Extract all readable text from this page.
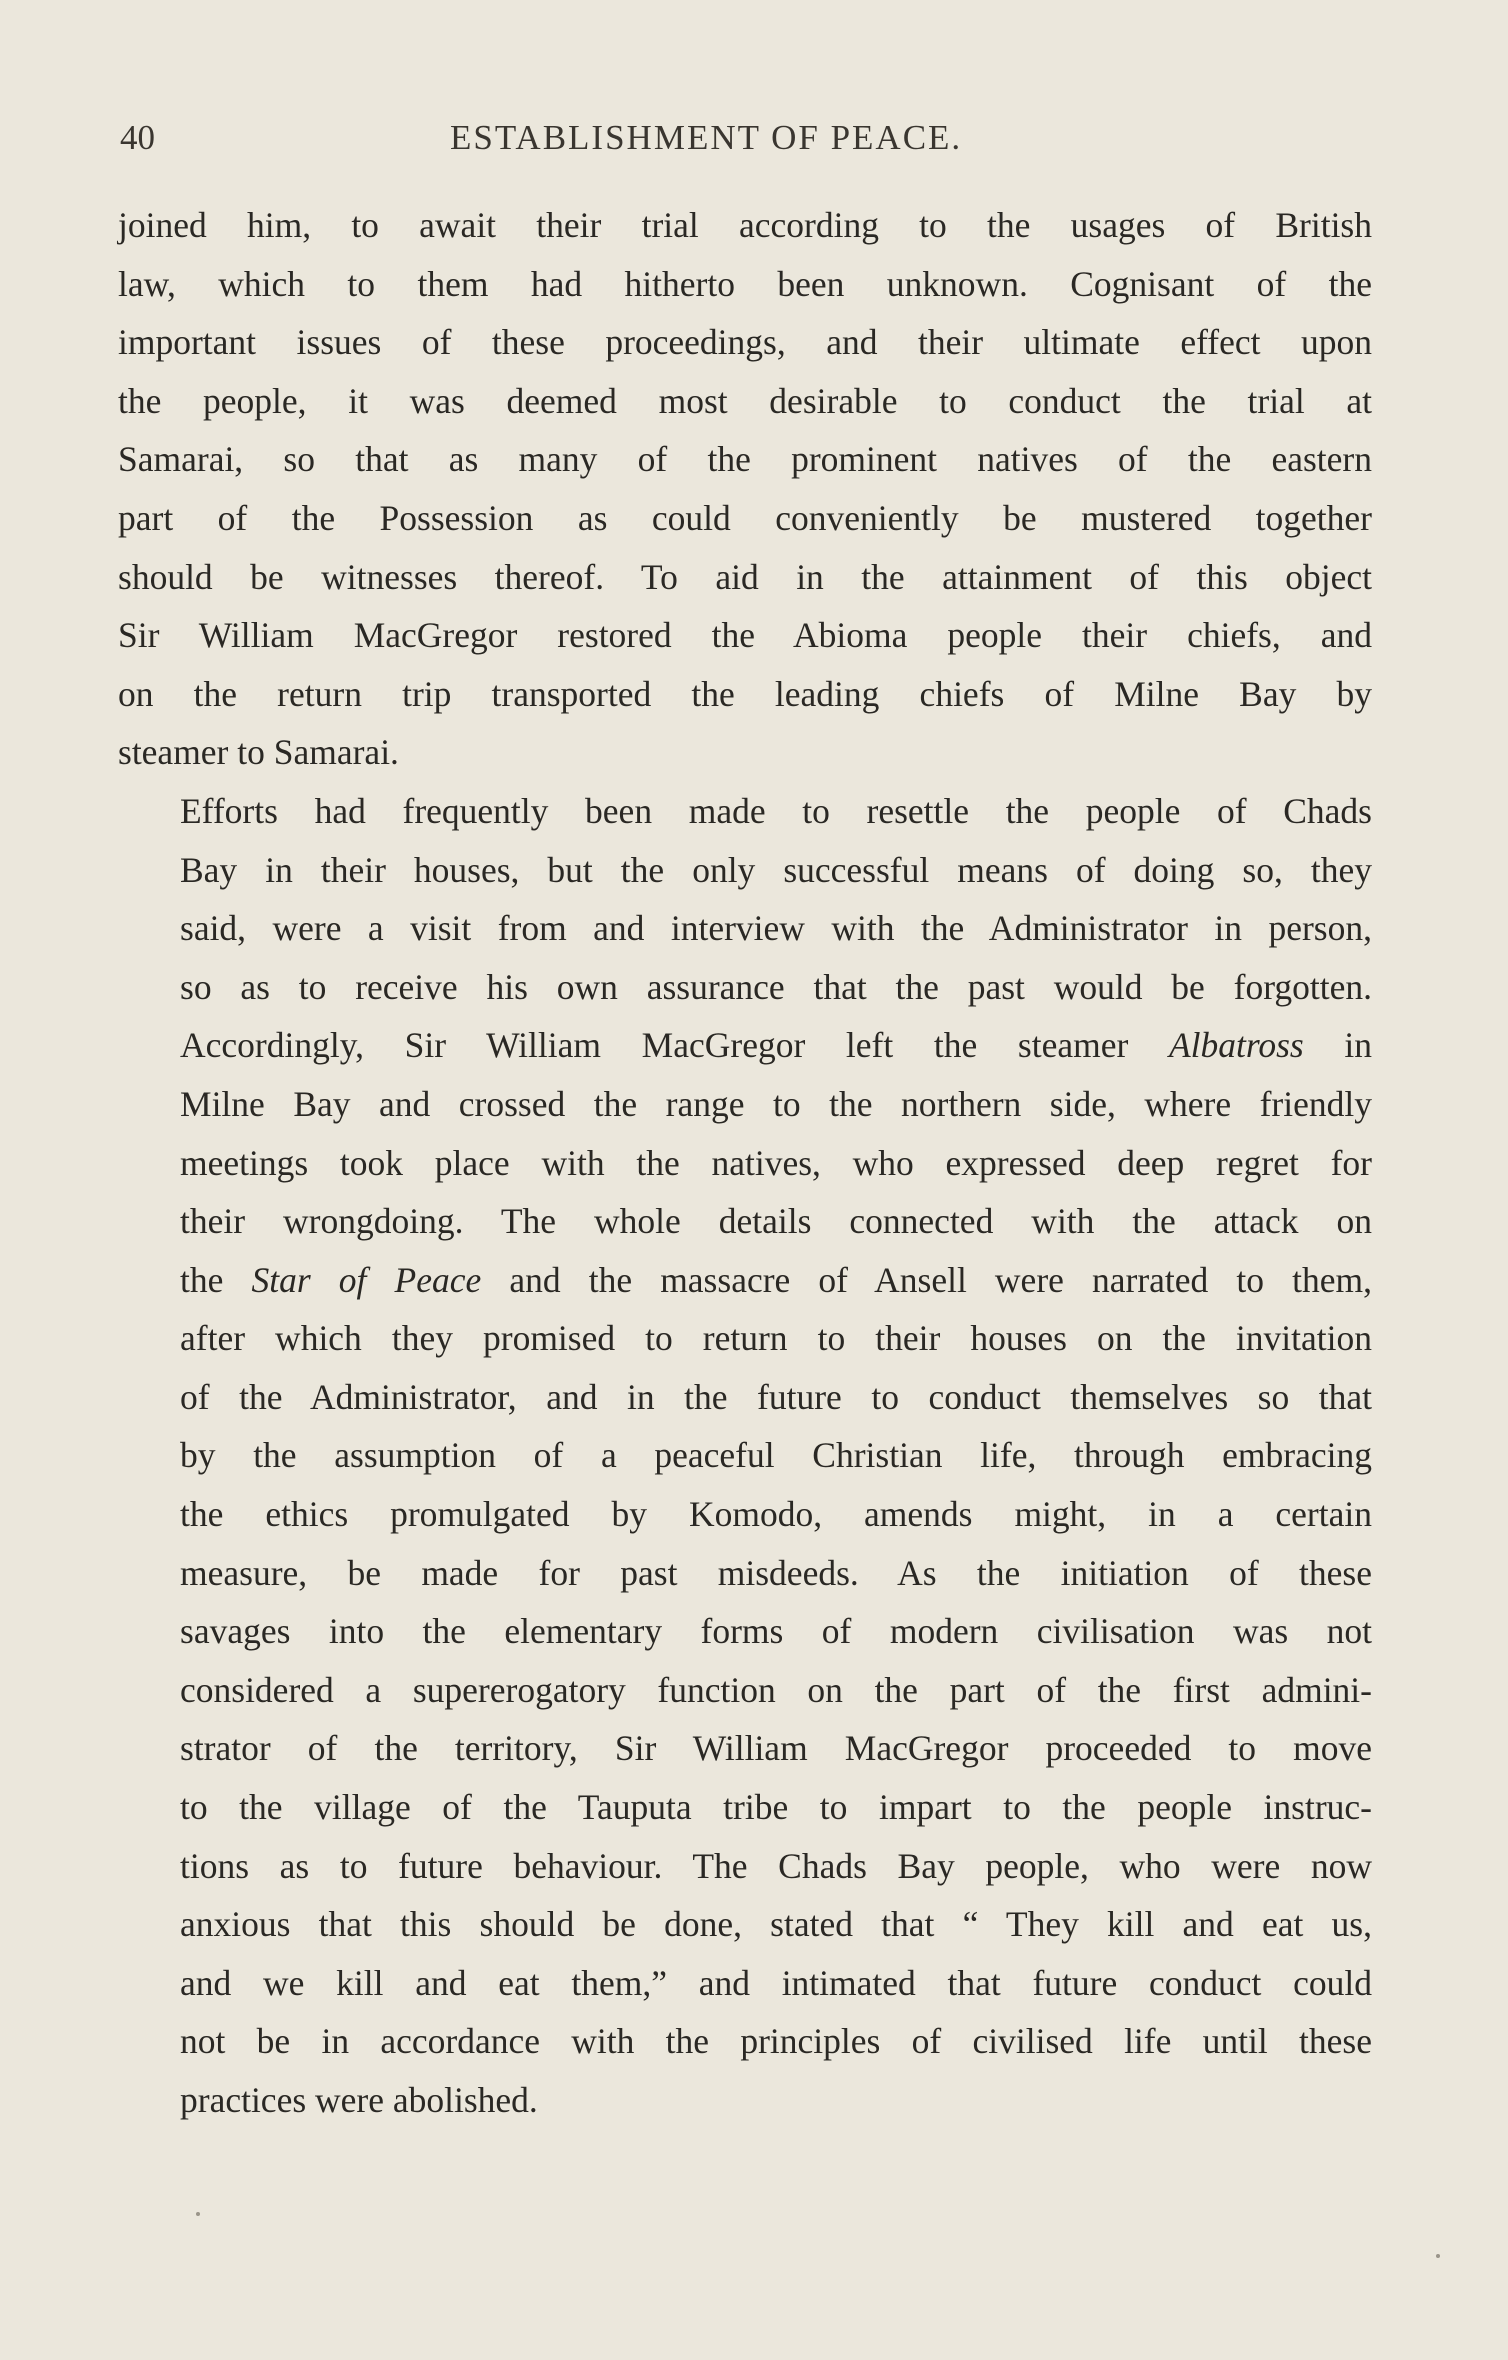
40	ESTABLISHMENT OF PEACE.

joined him, to await their trial according to the usages of British
law, which to them had hitherto been unknown. Cognisant of the
important issues of these proceedings, and their ultimate effect upon
the people, it was deemed most desirable to conduct the trial at
Samarai, so that as many of the prominent natives of the eastern
part of the Possession as could conveniently be mustered together
should be witnesses thereof. To aid in the attainment of this object
Sir William MacGregor restored the Abioma people their chiefs, and
on the return trip transported the leading chiefs of Milne Bay by
steamer to Samarai.

Efforts had frequently been made to resettle the people of Chads
Bay in their houses, but the only successful means of doing so, they
said, were a visit from and interview with the Administrator in person,
so as to receive his own assurance that the past would be forgotten.
Accordingly, Sir William MacGregor left the steamer Albatross in
Milne Bay and crossed the range to the northern side, where friendly
meetings took place with the natives, who expressed deep regret for
their wrongdoing. The whole details connected with the attack on
the Star of Peace and the massacre of Ansell were narrated to them,
after which they promised to return to their houses on the invitation
of the Administrator, and in the future to conduct themselves so that
by the assumption of a peaceful Christian life, through embracing
the ethics promulgated by Komodo, amends might, in a certain
measure, be made for past misdeeds. As the initiation of these
savages into the elementary forms of modern civilisation was not
considered a supererogatory function on the part of the first admini-
strator of the territory, Sir William MacGregor proceeded to move
to the village of the Tauputa tribe to impart to the people instruc-
tions as to future behaviour. The Chads Bay people, who were now
anxious that this should be done, stated that “ They kill and eat us,
and we kill and eat them,” and intimated that future conduct could
not be in accordance with the principles of civilised life until these
practices were abolished.
